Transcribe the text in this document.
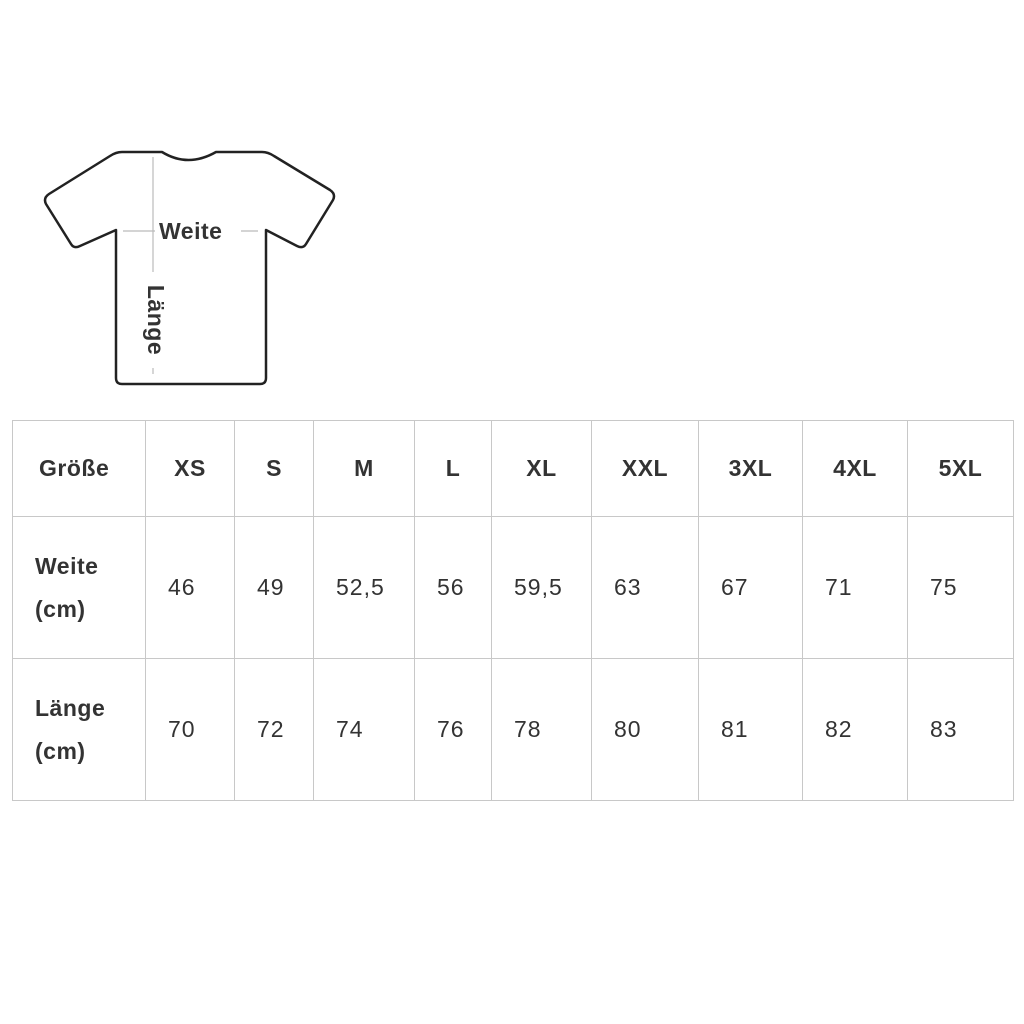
Weite
Länge
Größe	XS	S	M	L	XL	XXL	3XL	4XL	5XL

Weite
(cm)	46	49	52,5	56	59,5	63	67	71	75

Länge
(cm)	70	72	74	76	78	80	81	82	83
